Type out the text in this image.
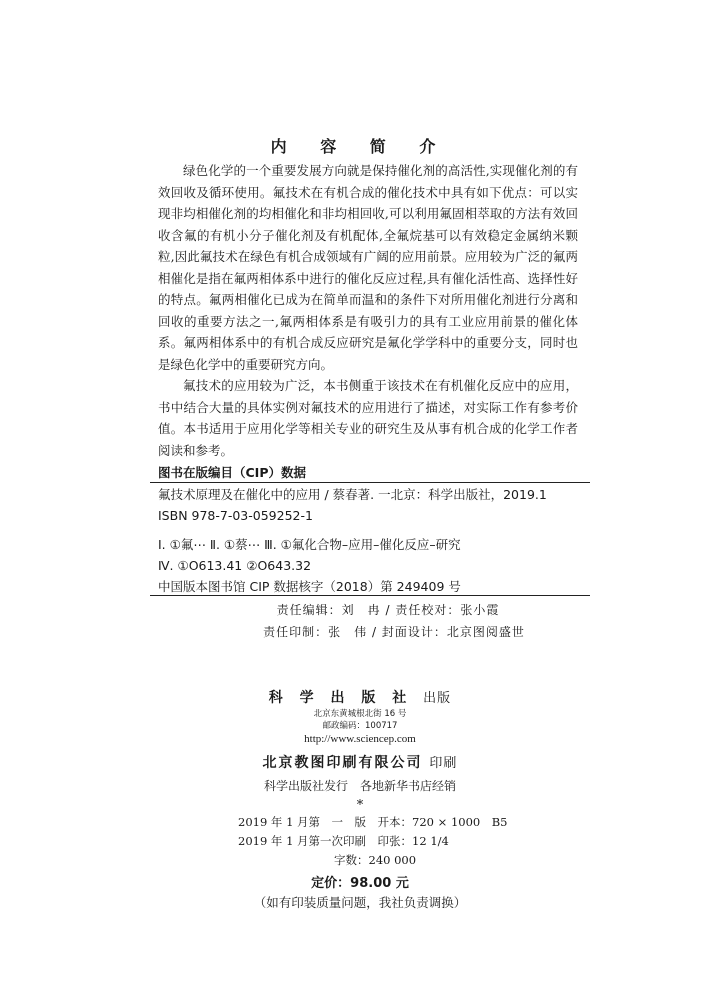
内 容 简 介

绿色化学的一个重要发展方向就是保持催化剂的高活性,实现催化剂的有效回收及循环使用。氟技术在有机合成的催化技术中具有如下优点：可以实现非均相催化剂的均相催化和非均相回收,可以利用氟固相萃取的方法有效回收含氟的有机小分子催化剂及有机配体,全氟烷基可以有效稳定金属纳米颗粒,因此氟技术在绿色有机合成领域有广阔的应用前景。应用较为广泛的氟两相催化是指在氟两相体系中进行的催化反应过程,具有催化活性高、选择性好的特点。氟两相催化已成为在简单而温和的条件下对所用催化剂进行分离和回收的重要方法之一,氟两相体系是有吸引力的具有工业应用前景的催化体系。氟两相体系中的有机合成反应研究是氟化学学科中的重要分支，同时也是绿色化学中的重要研究方向。

氟技术的应用较为广泛，本书侧重于该技术在有机催化反应中的应用，书中结合大量的具体实例对氟技术的应用进行了描述，对实际工作有参考价值。本书适用于应用化学等相关专业的研究生及从事有机合成的化学工作者阅读和参考。

图书在版编目（CIP）数据

氟技术原理及在催化中的应用 / 蔡春著. 一北京：科学出版社，2019.1

ISBN 978-7-03-059252-1

Ⅰ. ①氟⋯ Ⅱ. ①蔡⋯ Ⅲ. ①氟化合物–应用–催化反应–研究

Ⅳ. ①O613.41 ②O643.32

中国版本图书馆 CIP 数据核字（2018）第 249409 号

责任编辑：刘　冉 / 责任校对：张小霞
责任印制：张　伟 / 封面设计：北京图阅盛世
科 学 出 版 社 出版
北京东黄城根北街 16 号
邮政编码：100717
http://www.sciencep.com
北京教图印刷有限公司 印刷
科学出版社发行　各地新华书店经销
*

2019 年 1 月第　一　版　开本：720 × 1000　B5

2019 年 1 月第一次印刷　印张：12 1/4

字数：240 000

定价：98.00 元
（如有印装质量问题，我社负责调换）
